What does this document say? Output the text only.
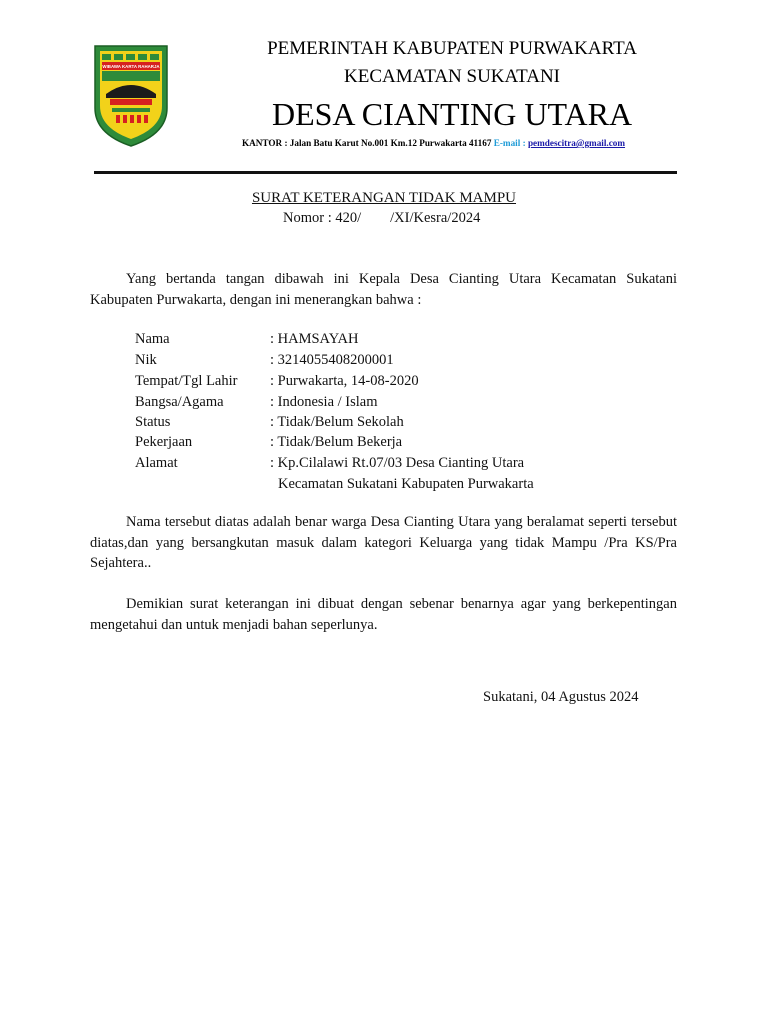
WIBAWA KARTA RAHARJA
PEMERINTAH KABUPATEN PURWAKARTA
KECAMATAN SUKATANI
DESA CIANTING UTARA
KANTOR : Jalan Batu Karut No.001 Km.12 Purwakarta 41167 E-mail : pemdescitra@gmail.com
SURAT KETERANGAN TIDAK MAMPU
Nomor : 420/        /XI/Kesra/2024
Yang bertanda tangan dibawah ini Kepala Desa Cianting Utara Kecamatan Sukatani Kabupaten Purwakarta, dengan ini menerangkan bahwa :
Nama	: HAMSAYAH
Nik	: 3214055408200001
Tempat/Tgl Lahir : Purwakarta, 14-08-2020
Bangsa/Agama	: Indonesia / Islam
Status	: Tidak/Belum Sekolah
Pekerjaan	: Tidak/Belum Bekerja
Alamat	: Kp.Cilalawi Rt.07/03 Desa Cianting Utara
Kecamatan Sukatani Kabupaten Purwakarta
Nama tersebut diatas adalah benar warga Desa Cianting Utara yang beralamat seperti tersebut diatas,dan yang bersangkutan masuk dalam kategori Keluarga yang tidak Mampu /Pra KS/Pra Sejahtera..
Demikian surat keterangan ini dibuat dengan sebenar benarnya agar yang berkepentingan mengetahui dan untuk menjadi bahan seperlunya.
Sukatani, 04 Agustus 2024
